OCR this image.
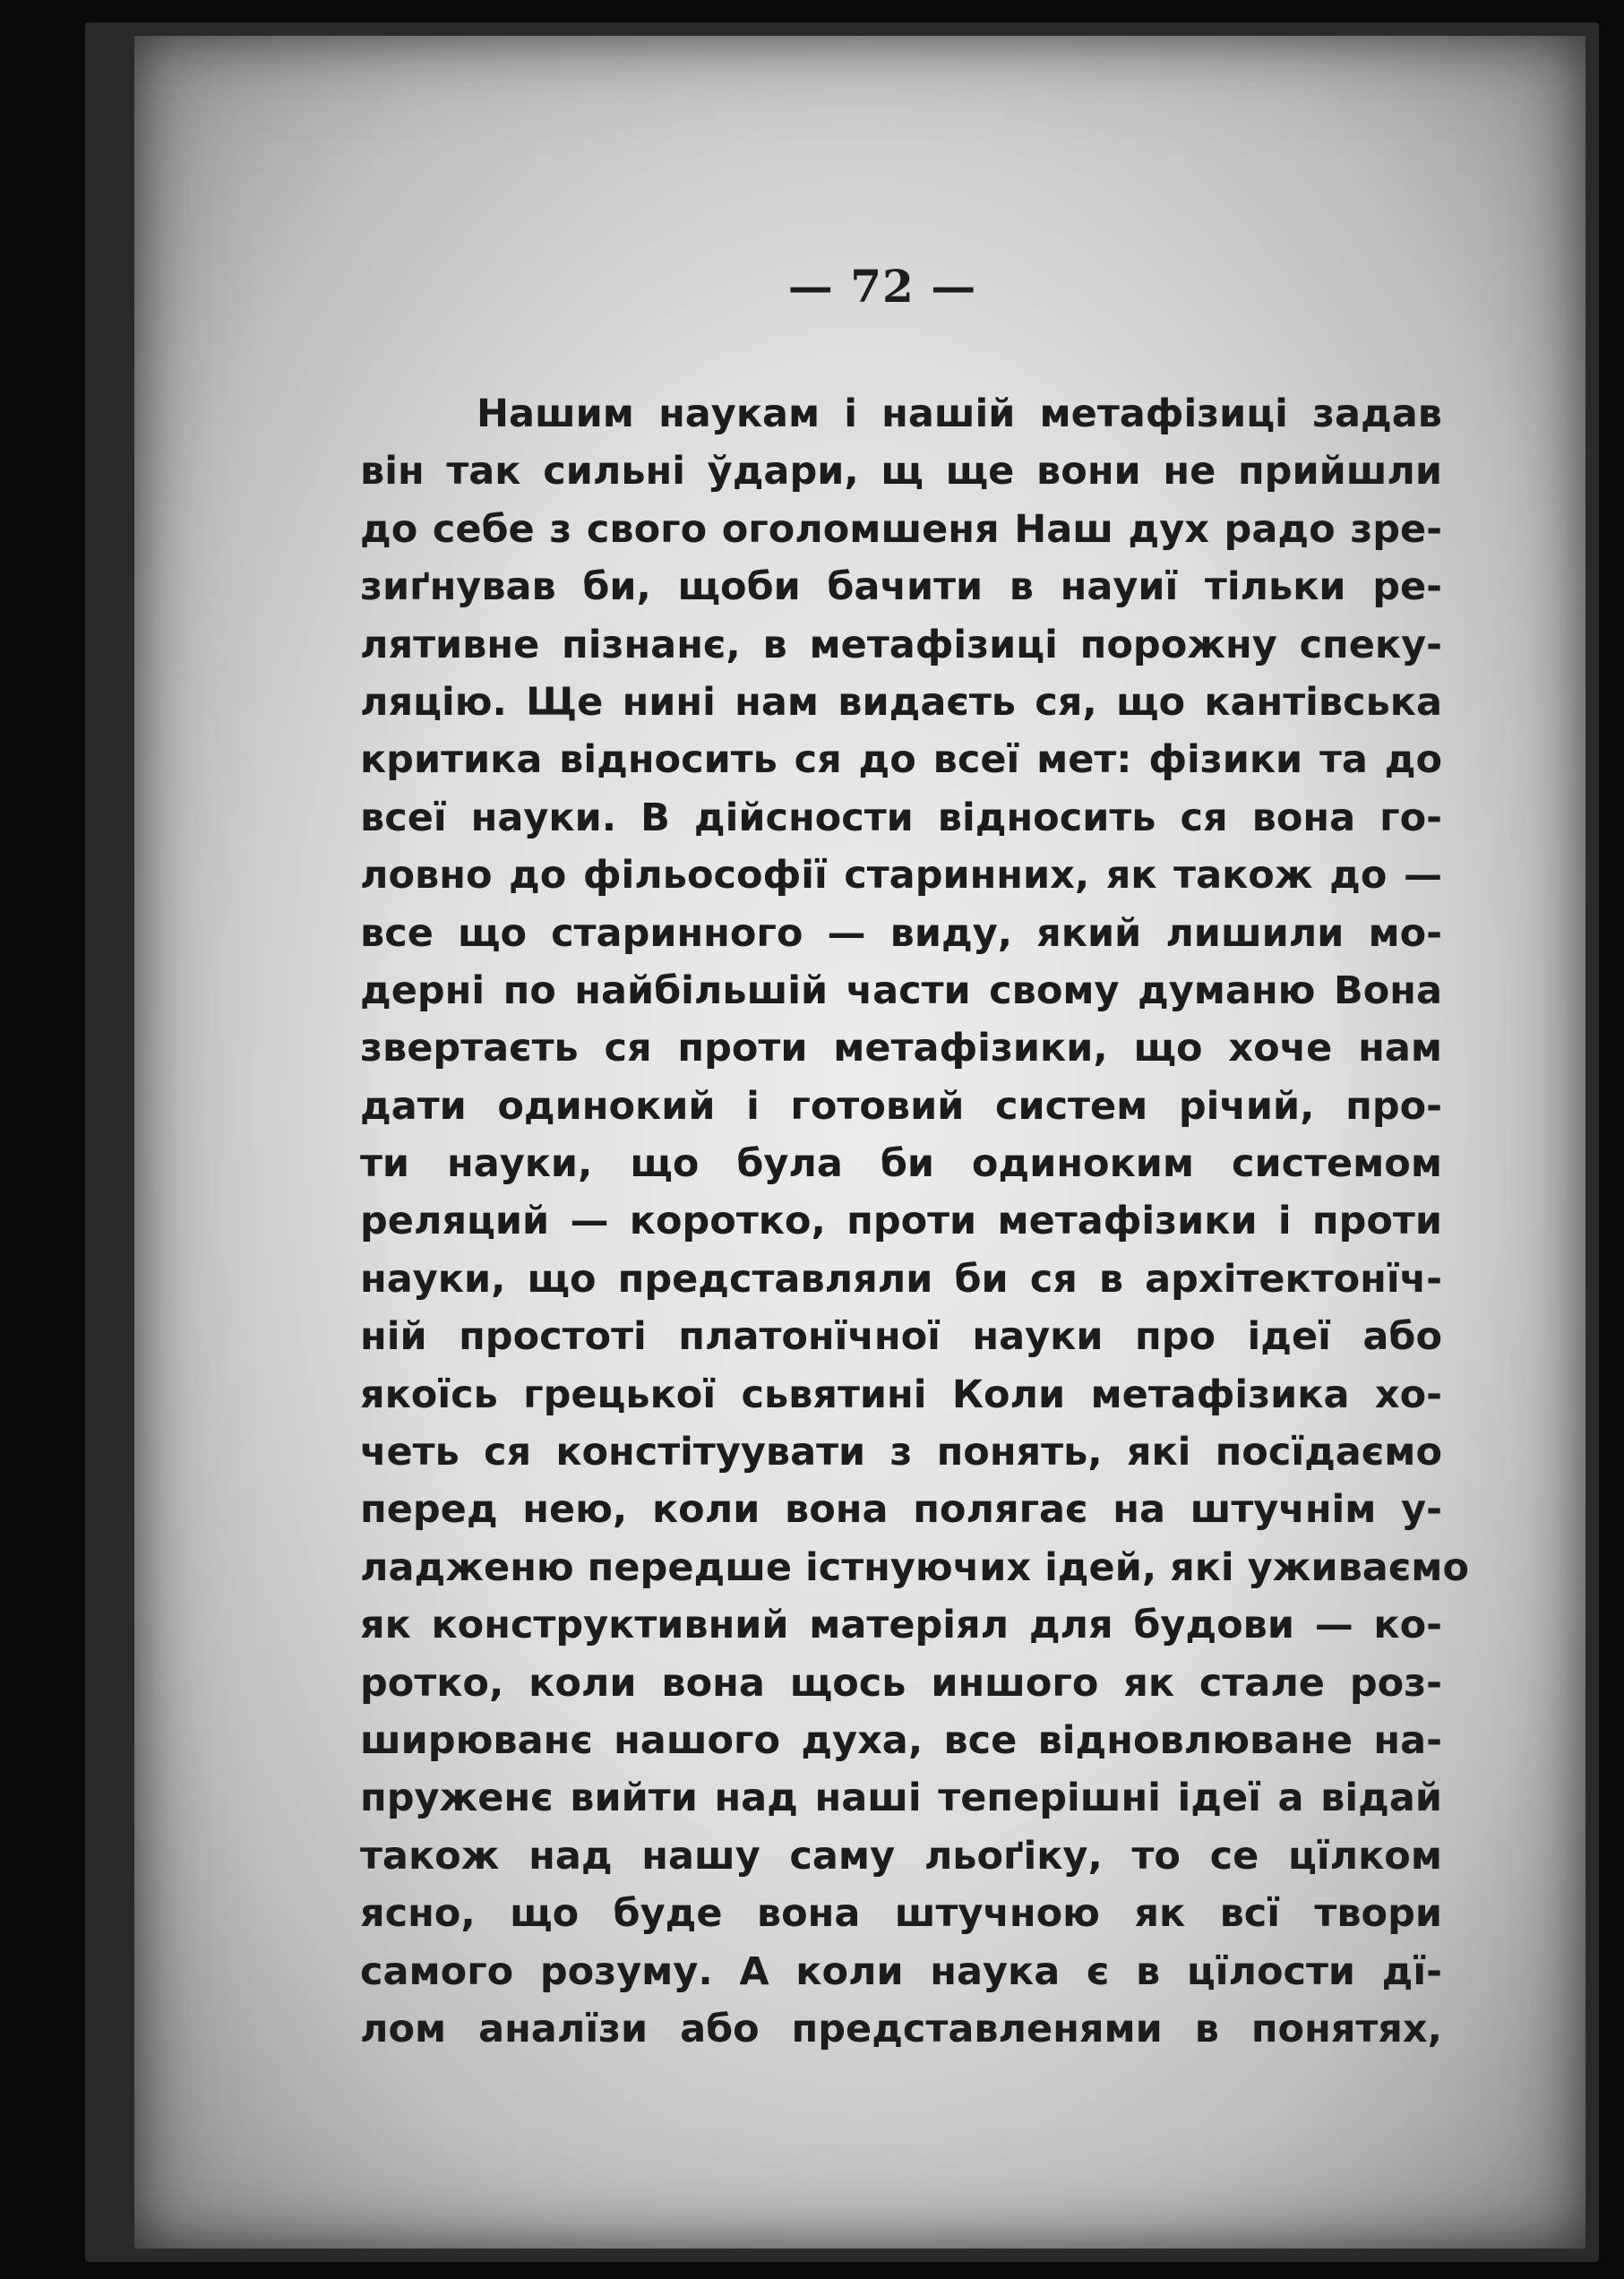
— 72 —
Нашим наукам і нашій метафізиці задав
він так сильні ўдари, щ ще вони не прийшли
до себе з свого оголомшеня Наш дух радо зре-
зиґнував би, щоби бачити в науиї тільки ре-
лятивне пізнанє, в метафізиці порожну спеку-
ляцію. Ще нині нам видаєть ся, що кантівська
критика відносить ся до всеї мет: фізики та до
всеї науки. В дійсности відносить ся вона го-
ловно до фільософії старинних, як також до —
все що старинного — виду, який лишили мо-
дерні по найбільшій части свому думаню Вона
звертаєть ся проти метафізики, що хоче нам
дати одинокий і готовий систем річий, про-
ти науки, що була би одиноким системом
реляций — коротко, проти метафізики і проти
науки, що представляли би ся в архітектонїч-
ній простоті платонїчної науки про ідеї або
якоїсь грецької сьвятині Коли метафізика хо-
четь ся констітуувати з понять, які посїдаємо
перед нею, коли вона полягає на штучнім у-
ладженю передше істнуючих ідей, які уживаємо
як конструктивний матеріял для будови — ко-
ротко, коли вона щось иншого як стале роз-
ширюванє нашого духа, все відновлюване на-
пруженє вийти над наші теперішні ідеї а відай
також над нашу саму льоґіку, то се цїлком
ясно, що буде вона штучною як всї твори
самого розуму. А коли наука є в цїлости дї-
лом аналїзи або представленями в понятях,
